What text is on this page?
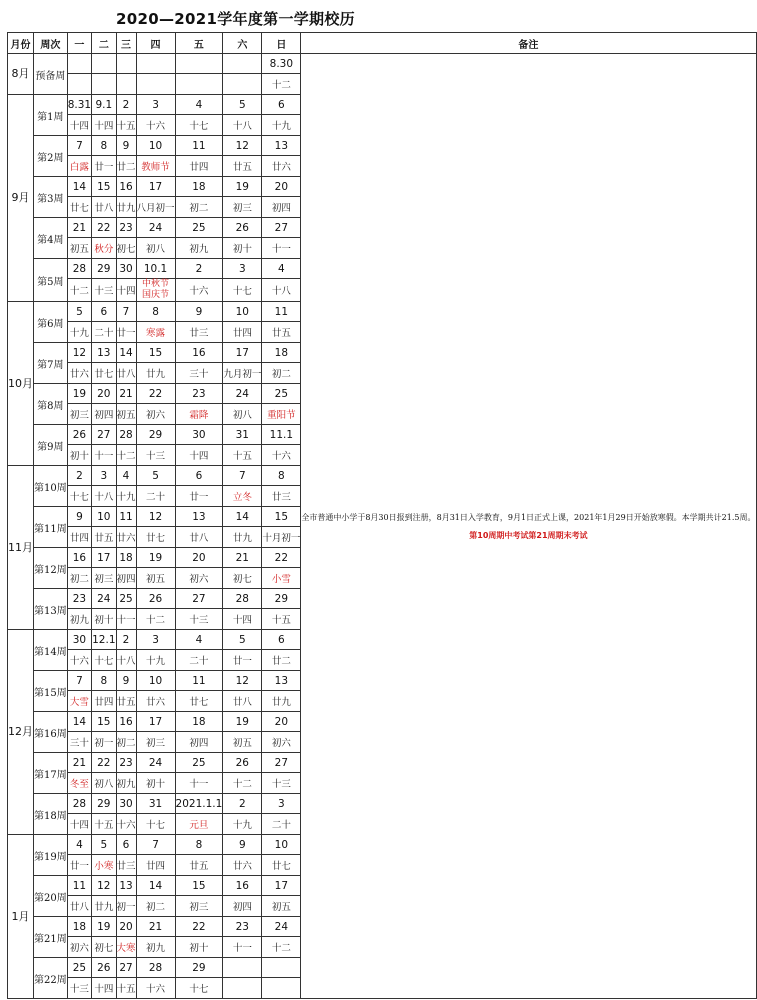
2020—2021学年度第一学期校历
月份	周次	一	二	三	四	五	六	日	备注
8月	预备周							8.30	全市普通中小学于8月30日报到注册，8月31日入学教育，9月1日正式上课，2021年1月29日开始放寒假。本学期共计21.5周。
第10周期中考试第21周期末考试

								十二	
9月	第1周	8.31	9.1	2	3	4	5	6	
		十四	十四	十五	十六	十七	十八	十九	
	第2周	7	8	9	10	11	12	13	
		白露	廿一	廿二	教师节	廿四	廿五	廿六	
	第3周	14	15	16	17	18	19	20	
		廿七	廿八	廿九	八月初一	初二	初三	初四	
	第4周	21	22	23	24	25	26	27	
		初五	秋分	初七	初八	初九	初十	十一	
	第5周	28	29	30	10.1	2	3	4	
		十二	十三	十四	中秋节 国庆节	十六	十七	十八	
10月	第6周	5	6	7	8	9	10	11	
		十九	二十	廿一	寒露	廿三	廿四	廿五	
	第7周	12	13	14	15	16	17	18	
		廿六	廿七	廿八	廿九	三十	九月初一	初二	
	第8周	19	20	21	22	23	24	25	
		初三	初四	初五	初六	霜降	初八	重阳节	
	第9周	26	27	28	29	30	31	11.1	
		初十	十一	十二	十三	十四	十五	十六	
11月	第10周	2	3	4	5	6	7	8	
		十七	十八	十九	二十	廿一	立冬	廿三	
	第11周	9	10	11	12	13	14	15	
		廿四	廿五	廿六	廿七	廿八	廿九	十月初一	
	第12周	16	17	18	19	20	21	22	
		初二	初三	初四	初五	初六	初七	小雪	
	第13周	23	24	25	26	27	28	29	
		初九	初十	十一	十二	十三	十四	十五	
12月	第14周	30	12.1	2	3	4	5	6	
		十六	十七	十八	十九	二十	廿一	廿二	
	第15周	7	8	9	10	11	12	13	
		大雪	廿四	廿五	廿六	廿七	廿八	廿九	
	第16周	14	15	16	17	18	19	20	
		三十	初一	初二	初三	初四	初五	初六	
	第17周	21	22	23	24	25	26	27	
		冬至	初八	初九	初十	十一	十二	十三	
	第18周	28	29	30	31	2021.1.1	2	3	
		十四	十五	十六	十七	元旦	十九	二十	
1月	第19周	4	5	6	7	8	9	10	
		廿一	小寒	廿三	廿四	廿五	廿六	廿七	
	第20周	11	12	13	14	15	16	17	
		廿八	廿九	初一	初二	初三	初四	初五	
	第21周	18	19	20	21	22	23	24	
		初六	初七	大寒	初九	初十	十一	十二	
	第22周	25	26	27	28	29			
		十三	十四	十五	十六	十七			
